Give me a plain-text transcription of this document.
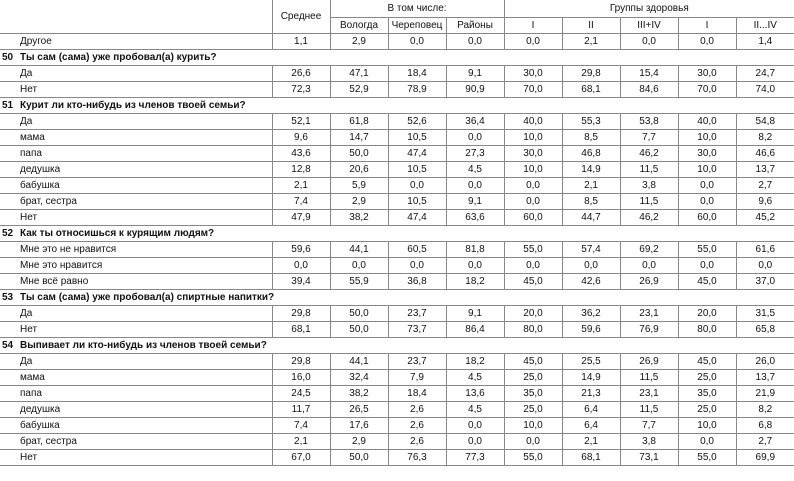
		Среднее	В том числе:			Группы здоровья				
			Вологда	Череповец	Районы	I	II	III+IV	I	II...IV
	Другое	1,1	2,9	0,0	0,0	0,0	2,1	0,0	0,0	1,4
50	Ты сам (сама) уже пробовал(а) курить?									
	Да	26,6	47,1	18,4	9,1	30,0	29,8	15,4	30,0	24,7
	Нет	72,3	52,9	78,9	90,9	70,0	68,1	84,6	70,0	74,0
51	Курит ли кто-нибудь из членов твоей семьи?									
	Да	52,1	61,8	52,6	36,4	40,0	55,3	53,8	40,0	54,8
	мама	9,6	14,7	10,5	0,0	10,0	8,5	7,7	10,0	8,2
	папа	43,6	50,0	47,4	27,3	30,0	46,8	46,2	30,0	46,6
	дедушка	12,8	20,6	10,5	4,5	10,0	14,9	11,5	10,0	13,7
	бабушка	2,1	5,9	0,0	0,0	0,0	2,1	3,8	0,0	2,7
	брат, сестра	7,4	2,9	10,5	9,1	0,0	8,5	11,5	0,0	9,6
	Нет	47,9	38,2	47,4	63,6	60,0	44,7	46,2	60,0	45,2
52	Как ты относишься к курящим людям?									
	Мне это не нравится	59,6	44,1	60,5	81,8	55,0	57,4	69,2	55,0	61,6
	Мне это нравится	0,0	0,0	0,0	0,0	0,0	0,0	0,0	0,0	0,0
	Мне всё равно	39,4	55,9	36,8	18,2	45,0	42,6	26,9	45,0	37,0
53	Ты сам (сама) уже пробовал(а) спиртные напитки?									
	Да	29,8	50,0	23,7	9,1	20,0	36,2	23,1	20,0	31,5
	Нет	68,1	50,0	73,7	86,4	80,0	59,6	76,9	80,0	65,8
54	Выпивает ли кто-нибудь из членов твоей семьи?									
	Да	29,8	44,1	23,7	18,2	45,0	25,5	26,9	45,0	26,0
	мама	16,0	32,4	7,9	4,5	25,0	14,9	11,5	25,0	13,7
	папа	24,5	38,2	18,4	13,6	35,0	21,3	23,1	35,0	21,9
	дедушка	11,7	26,5	2,6	4,5	25,0	6,4	11,5	25,0	8,2
	бабушка	7,4	17,6	2,6	0,0	10,0	6,4	7,7	10,0	6,8
	брат, сестра	2,1	2,9	2,6	0,0	0,0	2,1	3,8	0,0	2,7
	Нет	67,0	50,0	76,3	77,3	55,0	68,1	73,1	55,0	69,9
